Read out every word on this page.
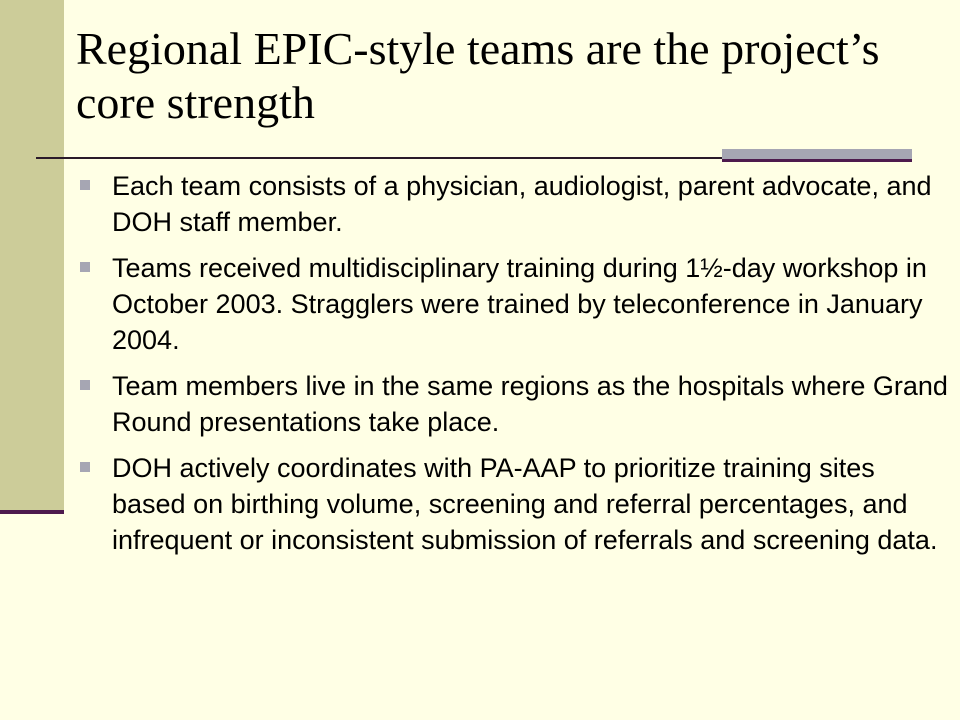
Regional EPIC-style teams are the project’s core strength
Each team consists of a physician, audiologist, parent advocate, and DOH staff member.
Teams received multidisciplinary training during 1½-day workshop in October 2003. Stragglers were trained by teleconference in January 2004.
Team members live in the same regions as the hospitals where Grand Round presentations take place.
DOH actively coordinates with PA-AAP to prioritize training sites based on birthing volume, screening and referral percentages, and infrequent or inconsistent submission of referrals and screening data.
